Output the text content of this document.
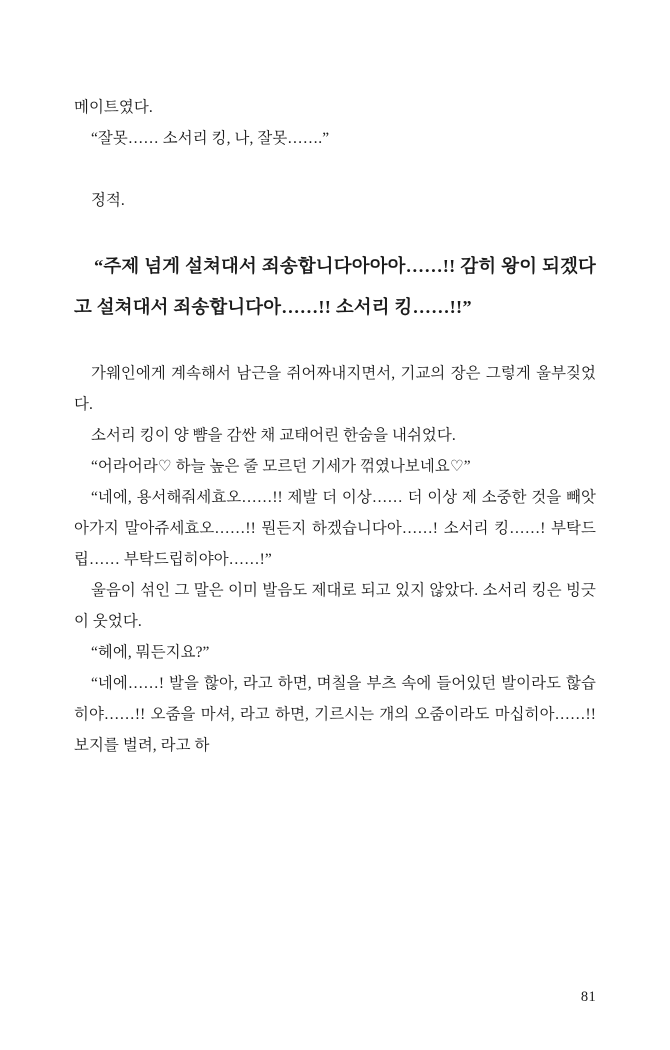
메이트였다.

“잘못…… 소서리 킹, 나, 잘못…….”

정적.

“주제 넘게 설쳐대서 죄송합니다아아아……!! 감히 왕이 되겠다고 설쳐대서 죄송합니다아……!! 소서리 킹……!!”

가웨인에게 계속해서 남근을 쥐어짜내지면서, 기교의 장은 그렇게 울부짖었다.

소서리 킹이 양 뺨을 감싼 채 교태어린 한숨을 내쉬었다.

“어라어라♡ 하늘 높은 줄 모르던 기세가 꺾였나보네요♡”

“네에, 용서해줘세효오……!! 제발 더 이상…… 더 이상 제 소중한 것을 빼앗아가지 말아쥬세효오……!! 뭔든지 하겠습니다아……! 소서리 킹……! 부탁드립…… 부탁드립히야아……!”

울음이 섞인 그 말은 이미 발음도 제대로 되고 있지 않았다. 소서리 킹은 빙긋이 웃었다.

“헤에, 뭐든지요?”

“네에……! 발을 핞아, 라고 하면, 며칠을 부츠 속에 들어있던 발이라도 핞습히야……!! 오줌을 마셔, 라고 하면, 기르시는 개의 오줌이라도 마십히아……!! 보지를 벌려, 라고 하

81
